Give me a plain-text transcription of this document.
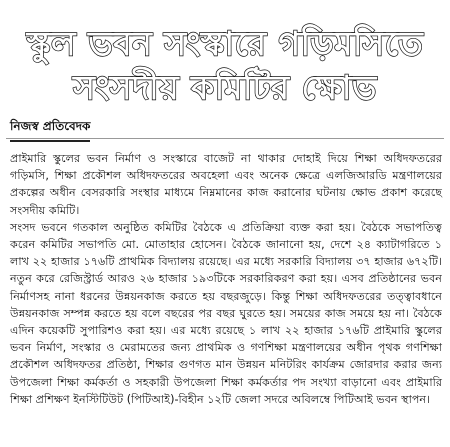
স্কুল ভবন সংস্কারে গড়িমসিতে
সংসদীয় কমিটির ক্ষোভ
নিজস্ব প্রতিবেদক

প্রাইমারি স্কুলের ভবন নির্মাণ ও সংস্কারে বাজেট না থাকার দোহাই দিয়ে শিক্ষা অধিদফতরের গড়িমসি, শিক্ষা প্রকৌশল অধিদফতরের অবহেলা এবং অনেক ক্ষেত্রে এলজিআরডি মন্ত্রণালয়ের প্রকল্পের অধীন বেসরকারি সংস্থার মাধ্যমে নিম্নমানের কাজ করানোর ঘটনায় ক্ষোভ প্রকাশ করেছে সংসদীয় কমিটি।

সংসদ ভবনে গতকাল অনুষ্ঠিত কমিটির বৈঠকে এ প্রতিক্রিয়া ব্যক্ত করা হয়। বৈঠকে সভাপতিত্ব করেন কমিটির সভাপতি মো. মোতাহার হোসেন। বৈঠকে জানানো হয়, দেশে ২৪ ক্যাটাগরিতে ১ লাখ ২২ হাজার ১৭৬টি প্রাথমিক বিদ্যালয় রয়েছে। এর মধ্যে সরকারি বিদ্যালয় ৩৭ হাজার ৬৭২টি। নতুন করে রেজিস্ট্রার্ড আরও ২৬ হাজার ১৯৩টিকে সরকারিকরণ করা হয়। এসব প্রতিষ্ঠানের ভবন নির্মাণসহ নানা ধরনের উন্নয়নকাজ করতে হয় বছরজুড়ে। কিন্তু শিক্ষা অধিদফতরের তত্ত্বাবধানে উন্নয়নকাজ সম্পন্ন করতে হয় বলে বছরের পর বছর ঘুরতে হয়। সময়ের কাজ সময়ে হয় না। বৈঠকে এদিন কয়েকটি সুপারিশও করা হয়। এর মধ্যে রয়েছে ১ লাখ ২২ হাজার ১৭৬টি প্রাইমারি স্কুলের ভবন নির্মাণ, সংস্কার ও মেরামতের জন্য প্রাথমিক ও গণশিক্ষা মন্ত্রণালয়ের অধীন পৃথক গণশিক্ষা প্রকৌশল অধিদফতর প্রতিষ্ঠা, শিক্ষার গুণগত মান উন্নয়ন মনিটরিং কার্যক্রম জোরদার করার জন্য উপজেলা শিক্ষা কর্মকর্তা ও সহকারী উপজেলা শিক্ষা কর্মকর্তার পদ সংখ্যা বাড়ানো এবং প্রাইমারি শিক্ষা প্রশিক্ষণ ইনস্টিটিউট (পিটিআই)-বিহীন ১২টি জেলা সদরে অবিলম্বে পিটিআই ভবন স্থাপন।
